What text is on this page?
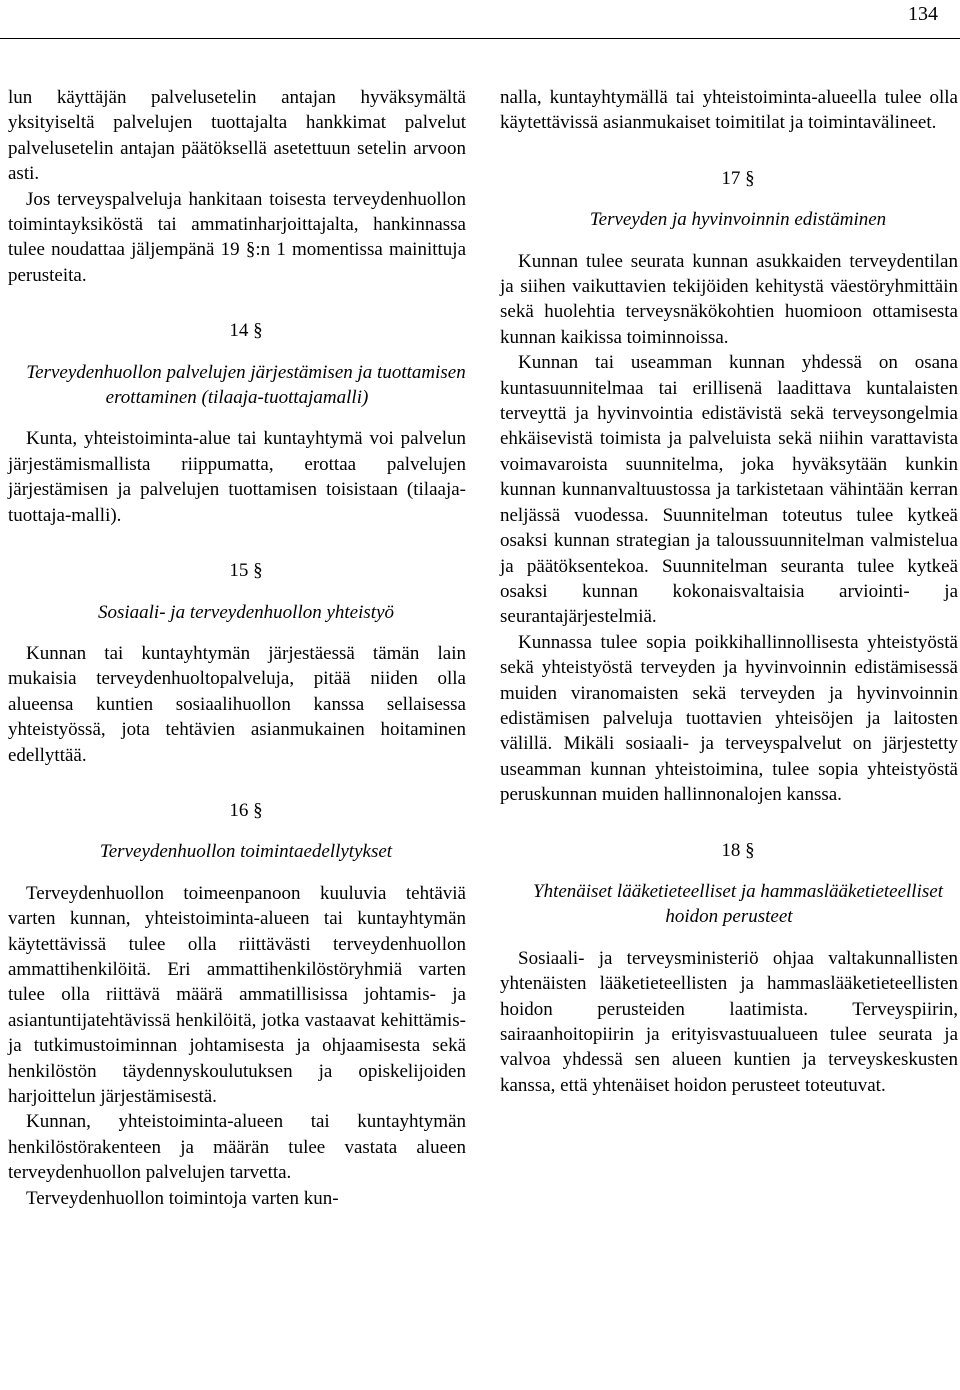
134

lun käyttäjän palvelusetelin antajan hyväksymältä yksityiseltä palvelujen tuottajalta hankkimat palvelut palvelusetelin antajan päätöksellä asetettuun setelin arvoon asti.

Jos terveyspalveluja hankitaan toisesta terveydenhuollon toimintayksiköstä tai ammatinharjoittajalta, hankinnassa tulee noudattaa jäljempänä 19 §:n 1 momentissa mainittuja perusteita.

14 §

Terveydenhuollon palvelujen järjestämisen ja tuottamisen erottaminen (tilaaja-tuottajamalli)

Kunta, yhteistoiminta-alue tai kuntayhtymä voi palvelun järjestämismallista riippumatta, erottaa palvelujen järjestämisen ja palvelujen tuottamisen toisistaan (tilaaja-tuottaja-malli).

15 §

Sosiaali- ja terveydenhuollon yhteistyö

Kunnan tai kuntayhtymän järjestäessä tämän lain mukaisia terveydenhuoltopalveluja, pitää niiden olla alueensa kuntien sosiaalihuollon kanssa sellaisessa yhteistyössä, jota tehtävien asianmukainen hoitaminen edellyttää.

16 §

Terveydenhuollon toimintaedellytykset

Terveydenhuollon toimeenpanoon kuuluvia tehtäviä varten kunnan, yhteistoiminta-alueen tai kuntayhtymän käytettävissä tulee olla riittävästi terveydenhuollon ammattihenkilöitä. Eri ammattihenkilöstöryhmiä varten tulee olla riittävä määrä ammatillisissa johtamis- ja asiantuntijatehtävissä henkilöitä, jotka vastaavat kehittämis- ja tutkimustoiminnan johtamisesta ja ohjaamisesta sekä henkilöstön täydennyskoulutuksen ja opiskelijoiden harjoittelun järjestämisestä.

Kunnan, yhteistoiminta-alueen tai kuntayhtymän henkilöstörakenteen ja määrän tulee vastata alueen terveydenhuollon palvelujen tarvetta.

Terveydenhuollon toimintoja varten kun-

nalla, kuntayhtymällä tai yhteistoiminta-alueella tulee olla käytettävissä asianmukaiset toimitilat ja toimintavälineet.

17 §

Terveyden ja hyvinvoinnin edistäminen

Kunnan tulee seurata kunnan asukkaiden terveydentilan ja siihen vaikuttavien tekijöiden kehitystä väestöryhmittäin sekä huolehtia terveysnäkökohtien huomioon ottamisesta kunnan kaikissa toiminnoissa.

Kunnan tai useamman kunnan yhdessä on osana kuntasuunnitelmaa tai erillisenä laadittava kuntalaisten terveyttä ja hyvinvointia edistävistä sekä terveysongelmia ehkäisevistä toimista ja palveluista sekä niihin varattavista voimavaroista suunnitelma, joka hyväksytään kunkin kunnan kunnanvaltuustossa ja tarkistetaan vähintään kerran neljässä vuodessa. Suunnitelman toteutus tulee kytkeä osaksi kunnan strategian ja taloussuunnitelman valmistelua ja päätöksentekoa. Suunnitelman seuranta tulee kytkeä osaksi kunnan kokonaisvaltaisia arviointi- ja seurantajärjestelmiä.

Kunnassa tulee sopia poikkihallinnollisesta yhteistyöstä sekä yhteistyöstä terveyden ja hyvinvoinnin edistämisessä muiden viranomaisten sekä terveyden ja hyvinvoinnin edistämisen palveluja tuottavien yhteisöjen ja laitosten välillä. Mikäli sosiaali- ja terveyspalvelut on järjestetty useamman kunnan yhteistoimina, tulee sopia yhteistyöstä peruskunnan muiden hallinnonalojen kanssa.

18 §

Yhtenäiset lääketieteelliset ja hammaslääketieteelliset hoidon perusteet

Sosiaali- ja terveysministeriö ohjaa valtakunnallisten yhtenäisten lääketieteellisten ja hammaslääketieteellisten hoidon perusteiden laatimista. Terveyspiirin, sairaanhoitopiirin ja erityisvastuualueen tulee seurata ja valvoa yhdessä sen alueen kuntien ja terveyskeskusten kanssa, että yhtenäiset hoidon perusteet toteutuvat.
